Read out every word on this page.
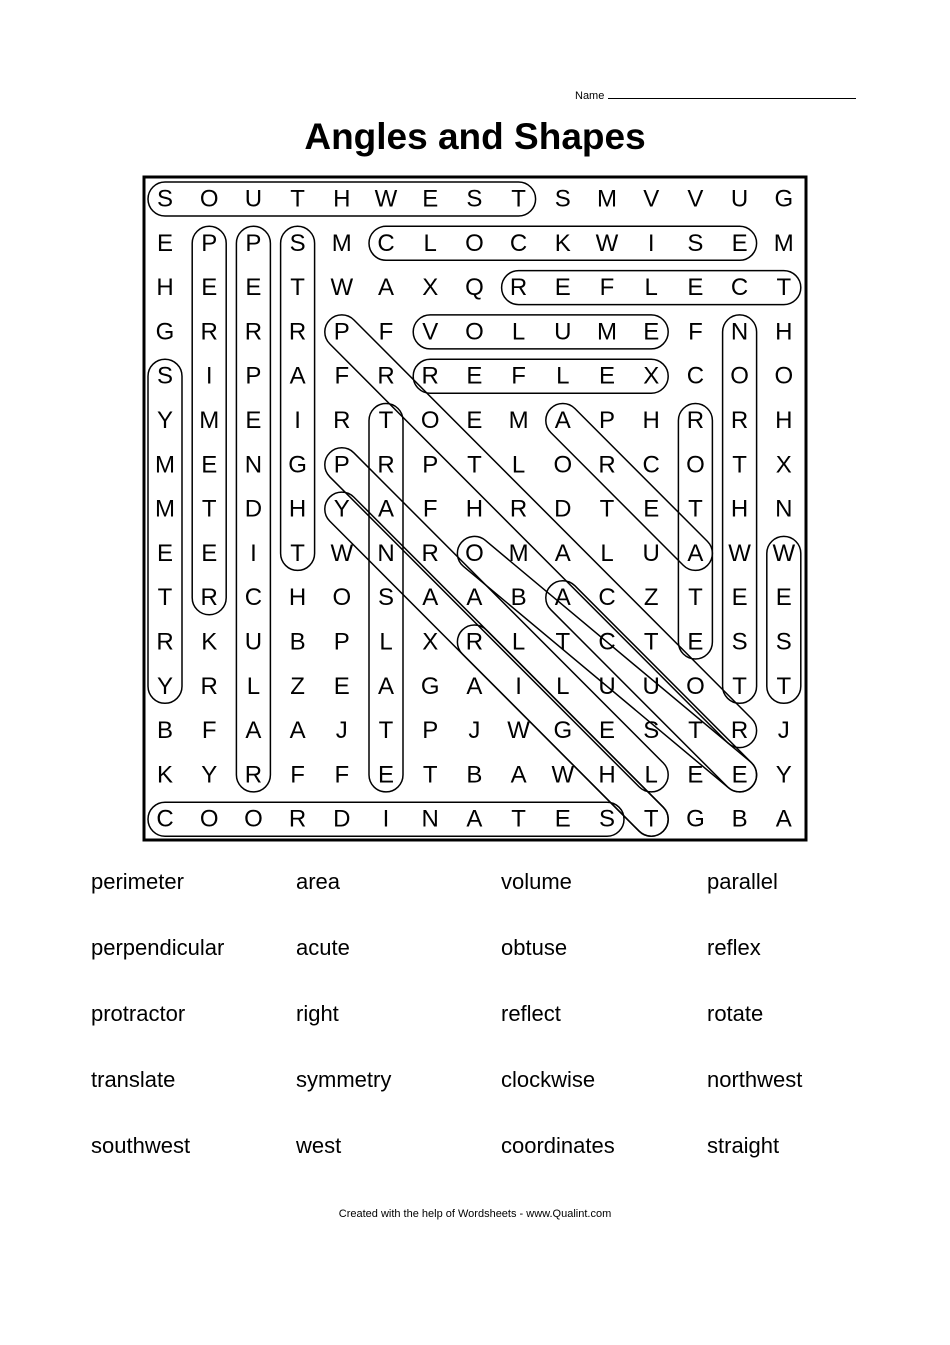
Name
Angles and Shapes
S O U T H W E S T S M V V U G
E P P S M C L O C K W I S E M
H E E T W A X Q R E F L E C T
G R R R P F V O L U M E F N H
S I P A F R R E F L E X C O O
Y M E I R T O E M A P H R R H
M E N G P R P T L O R C O T X
M T D H Y A F H R D T E T H N
E E I T W N R O M A L U A W W
T R C H O S A A B A C Z T E E
R K U B P L X R L T C T E S S
Y R L Z E A G A I L U U O T T
B F A A J T P J W G E S T R J
K Y R F F E T B A W H L E E Y
C O O R D I N A T E S T G B A
perimeter	area	volume	parallel
perpendicular	acute	obtuse	reflex
protractor	right	reflect	rotate
translate	symmetry	clockwise	northwest
southwest	west	coordinates	straight
Created with the help of Wordsheets - www.Qualint.com
